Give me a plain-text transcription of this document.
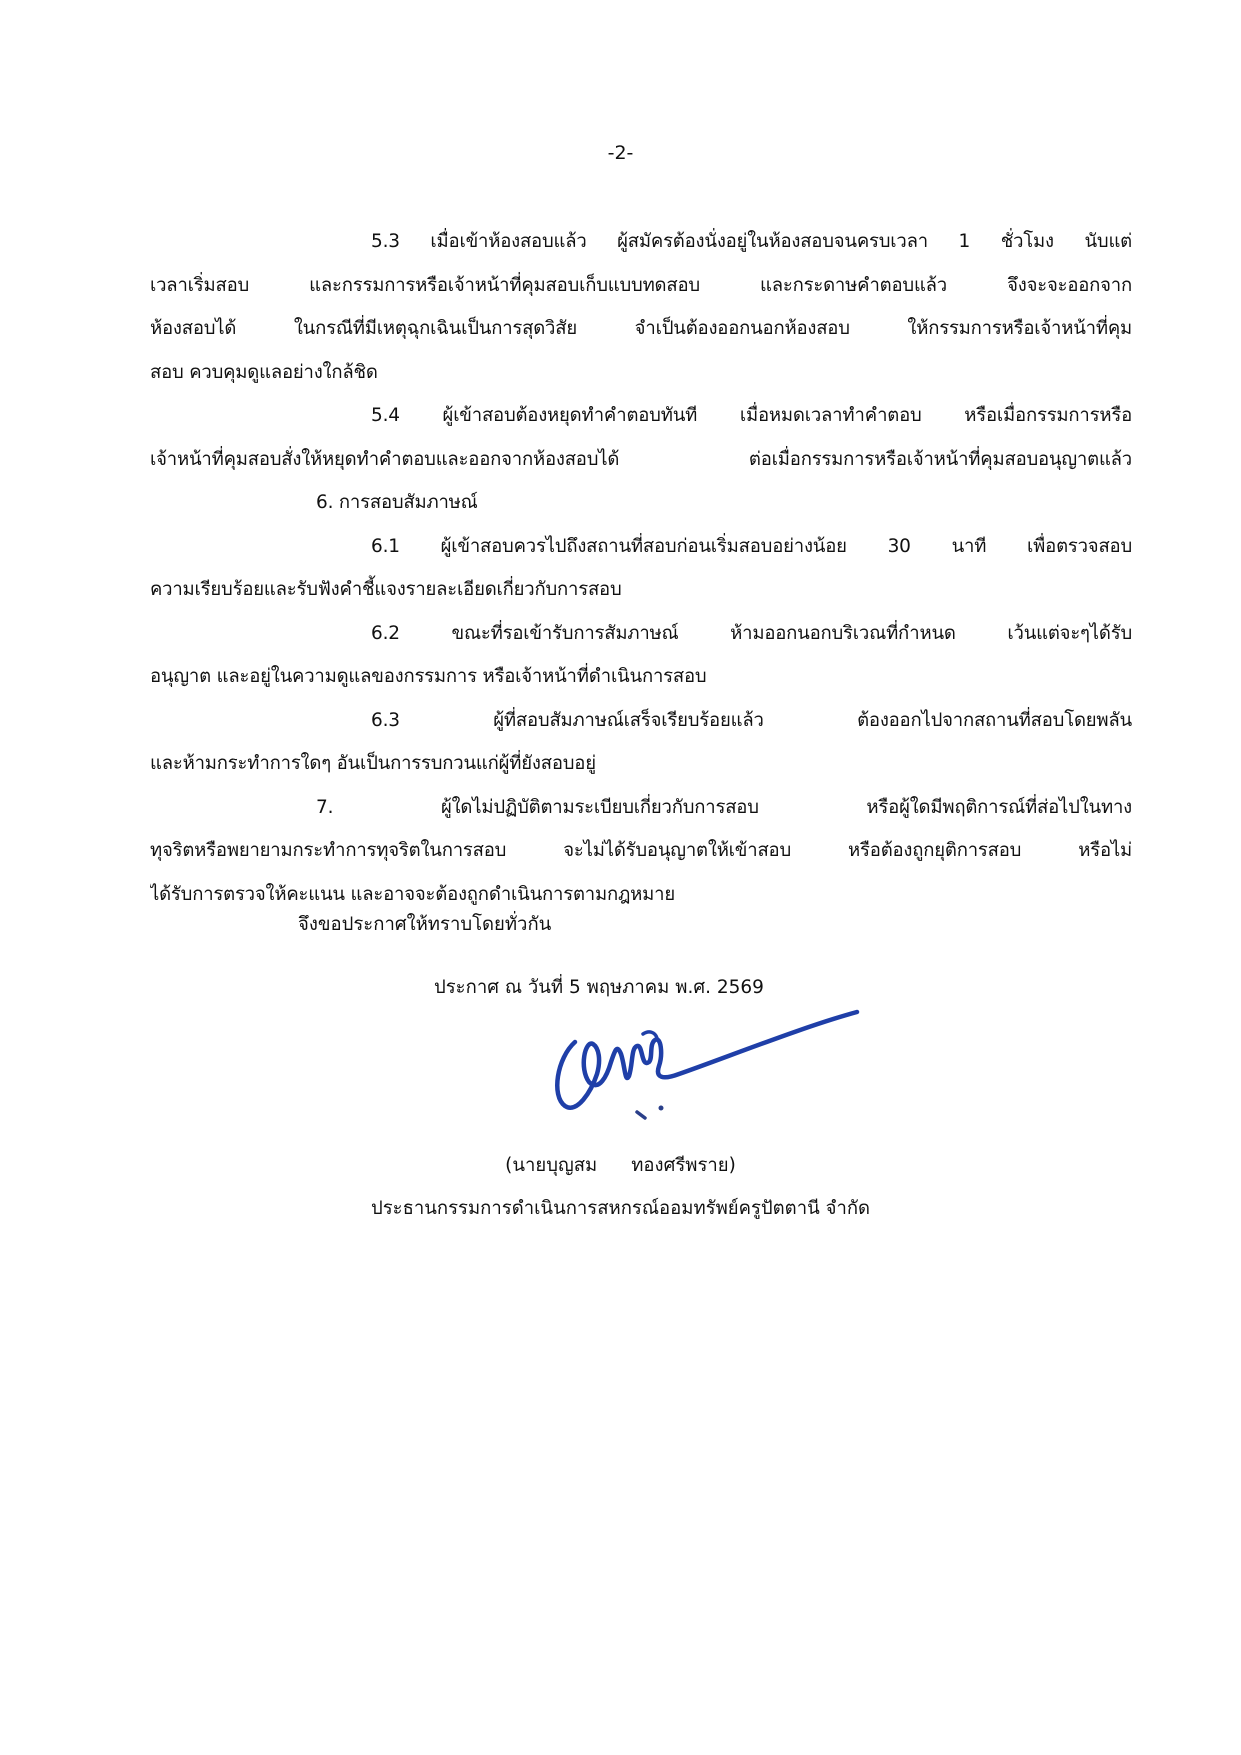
-2-
5.3 เมื่อเข้าห้องสอบแล้ว ผู้สมัครต้องนั่งอยู่ในห้องสอบจนครบเวลา 1 ชั่วโมง นับแต่
เวลาเริ่มสอบ และกรรมการหรือเจ้าหน้าที่คุมสอบเก็บแบบทดสอบ และกระดาษคำตอบแล้ว จึงจะจะออกจาก
ห้องสอบได้ ในกรณีที่มีเหตุฉุกเฉินเป็นการสุดวิสัย จำเป็นต้องออกนอกห้องสอบ ให้กรรมการหรือเจ้าหน้าที่คุม
สอบ ควบคุมดูแลอย่างใกล้ชิด
5.4 ผู้เข้าสอบต้องหยุดทำคำตอบทันที เมื่อหมดเวลาทำคำตอบ หรือเมื่อกรรมการหรือ
เจ้าหน้าที่คุมสอบสั่งให้หยุดทำคำตอบและออกจากห้องสอบได้ ต่อเมื่อกรรมการหรือเจ้าหน้าที่คุมสอบอนุญาตแล้ว
6. การสอบสัมภาษณ์
6.1 ผู้เข้าสอบควรไปถึงสถานที่สอบก่อนเริ่มสอบอย่างน้อย 30 นาที เพื่อตรวจสอบ
ความเรียบร้อยและรับฟังคำชี้แจงรายละเอียดเกี่ยวกับการสอบ
6.2 ขณะที่รอเข้ารับการสัมภาษณ์ ห้ามออกนอกบริเวณที่กำหนด เว้นแต่จะๆได้รับ
อนุญาต และอยู่ในความดูแลของกรรมการ หรือเจ้าหน้าที่ดำเนินการสอบ
6.3 ผู้ที่สอบสัมภาษณ์เสร็จเรียบร้อยแล้ว ต้องออกไปจากสถานที่สอบโดยพลัน
และห้ามกระทำการใดๆ อันเป็นการรบกวนแก่ผู้ที่ยังสอบอยู่
7. ผู้ใดไม่ปฏิบัติตามระเบียบเกี่ยวกับการสอบ หรือผู้ใดมีพฤติการณ์ที่ส่อไปในทาง
ทุจริตหรือพยายามกระทำการทุจริตในการสอบ จะไม่ได้รับอนุญาตให้เข้าสอบ หรือต้องถูกยุติการสอบ หรือไม่
ได้รับการตรวจให้คะแนน และอาจจะต้องถูกดำเนินการตามกฎหมาย
จึงขอประกาศให้ทราบโดยทั่วกัน
ประกาศ ณ วันที่ 5 พฤษภาคม พ.ศ. 2569
(นายบุญสม ทองศรีพราย)
ประธานกรรมการดำเนินการสหกรณ์ออมทรัพย์ครูปัตตานี จำกัด
